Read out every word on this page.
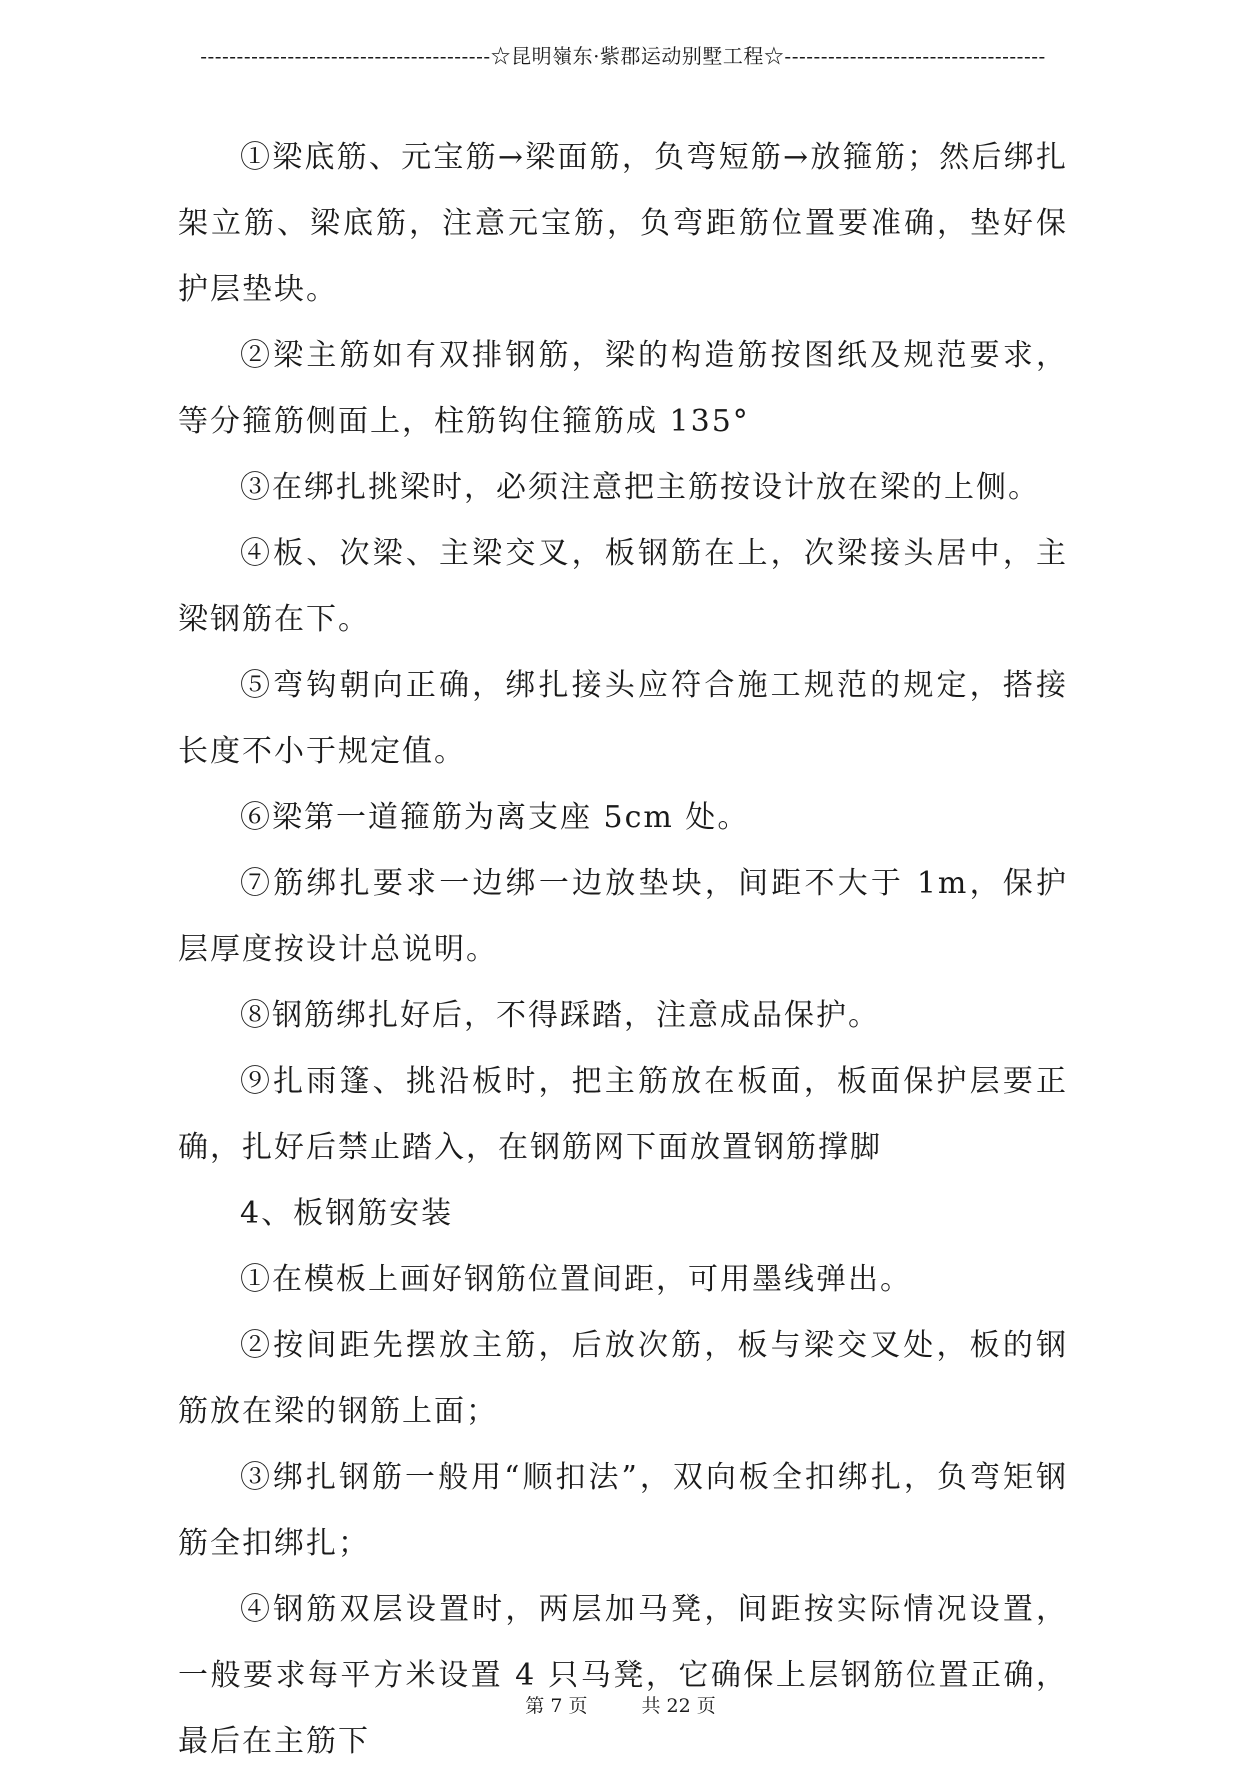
----------------------------------------☆昆明嶺东·紫郡运动别墅工程☆------------------------------------

①梁底筋、元宝筋→梁面筋，负弯短筋→放箍筋；然后绑扎架立筋、梁底筋，注意元宝筋，负弯距筋位置要准确，垫好保护层垫块。

②梁主筋如有双排钢筋，梁的构造筋按图纸及规范要求，等分箍筋侧面上，柱筋钩住箍筋成 135°

③在绑扎挑梁时，必须注意把主筋按设计放在梁的上侧。

④板、次梁、主梁交叉，板钢筋在上，次梁接头居中，主梁钢筋在下。

⑤弯钩朝向正确，绑扎接头应符合施工规范的规定，搭接长度不小于规定值。

⑥梁第一道箍筋为离支座 5cm 处。

⑦筋绑扎要求一边绑一边放垫块，间距不大于 1m，保护层厚度按设计总说明。

⑧钢筋绑扎好后，不得踩踏，注意成品保护。

⑨扎雨篷、挑沿板时，把主筋放在板面，板面保护层要正确，扎好后禁止踏入，在钢筋网下面放置钢筋撑脚

4、板钢筋安装

①在模板上画好钢筋位置间距，可用墨线弹出。

②按间距先摆放主筋，后放次筋，板与梁交叉处，板的钢筋放在梁的钢筋上面；

③绑扎钢筋一般用“顺扣法”，双向板全扣绑扎，负弯矩钢筋全扣绑扎；

④钢筋双层设置时，两层加马凳，间距按实际情况设置，一般要求每平方米设置 4 只马凳，它确保上层钢筋位置正确，最后在主筋下

第 7 页	共 22 页
